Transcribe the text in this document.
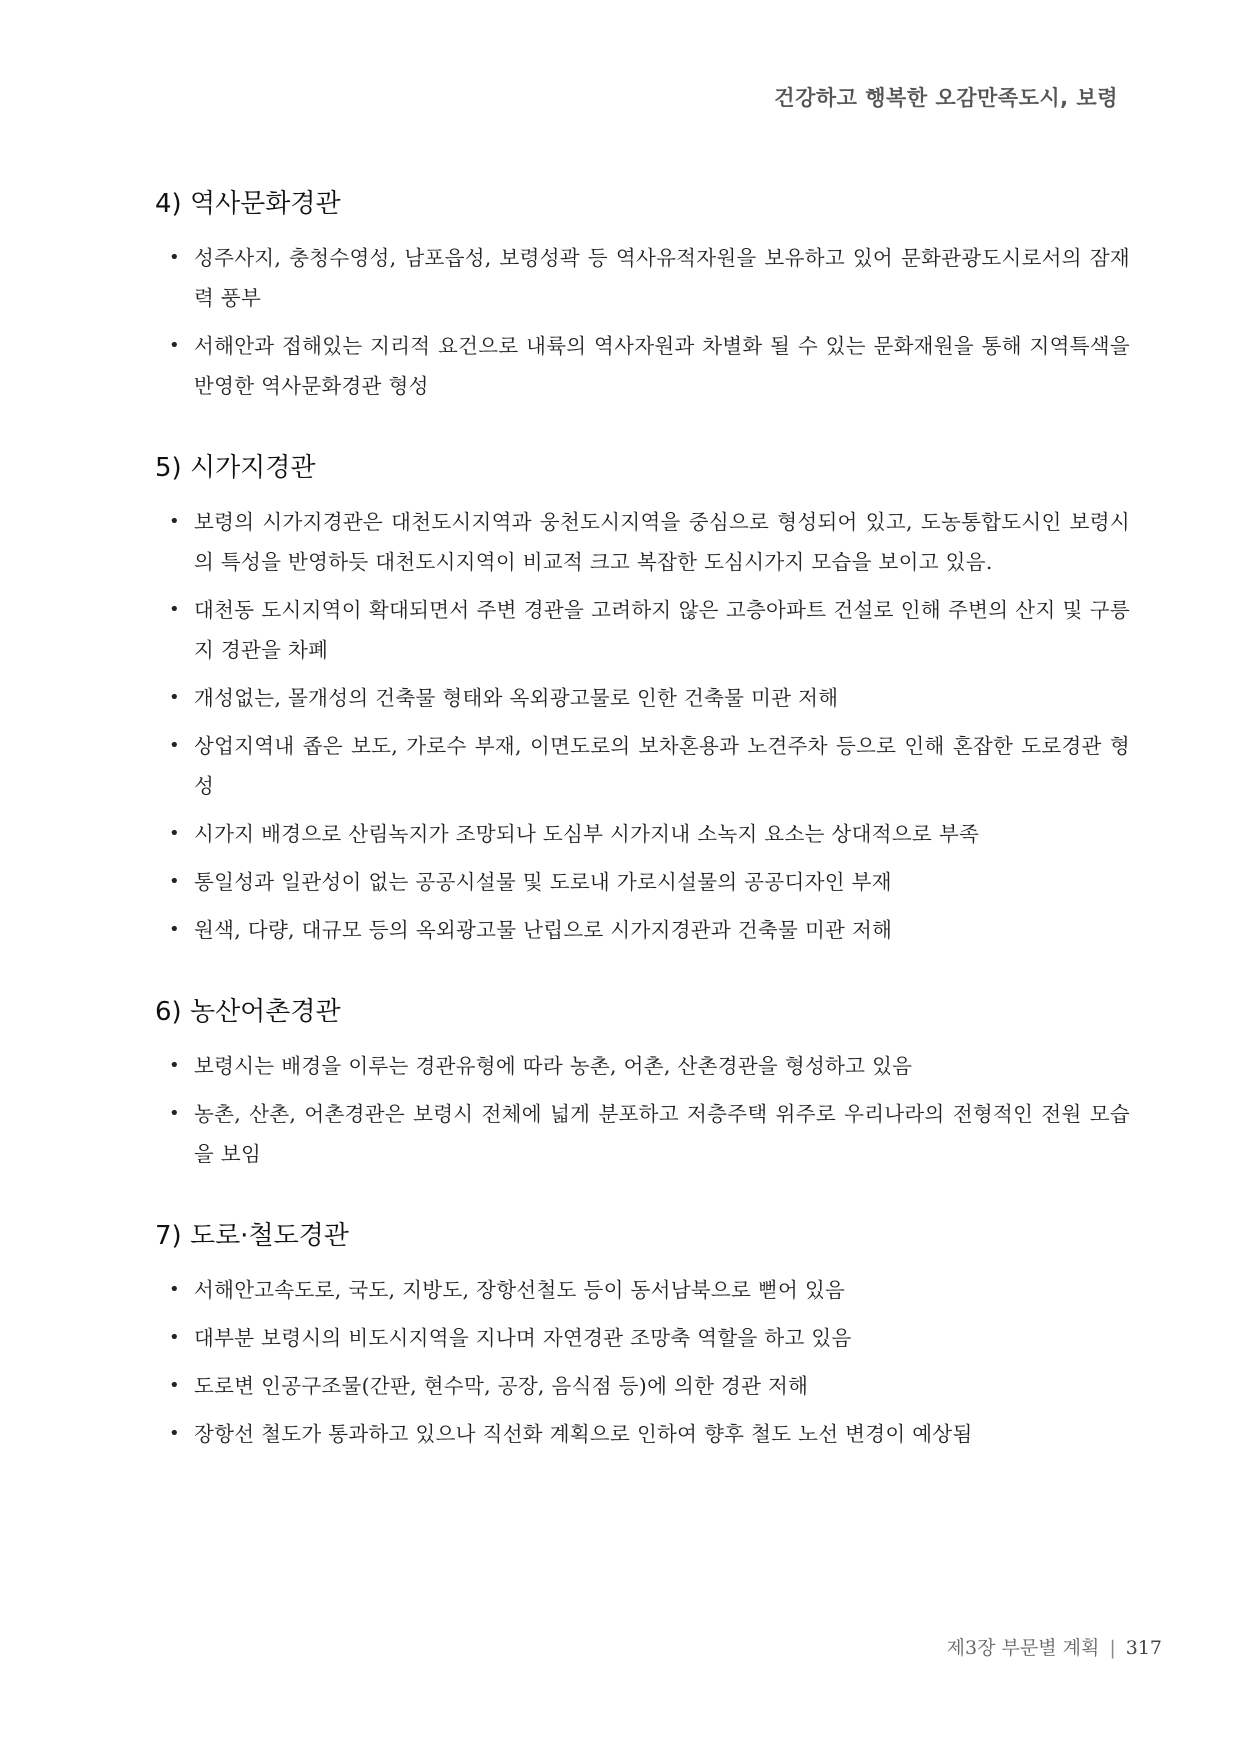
건강하고 행복한 오감만족도시, 보령
4) 역사문화경관
• 성주사지, 충청수영성, 남포읍성, 보령성곽 등 역사유적자원을 보유하고 있어 문화관광도시로서의 잠재력 풍부
• 서해안과 접해있는 지리적 요건으로 내륙의 역사자원과 차별화 될 수 있는 문화재원을 통해 지역특색을 반영한 역사문화경관 형성
5) 시가지경관
• 보령의 시가지경관은 대천도시지역과 웅천도시지역을 중심으로 형성되어 있고, 도농통합도시인 보령시의 특성을 반영하듯 대천도시지역이 비교적 크고 복잡한 도심시가지 모습을 보이고 있음.
• 대천동 도시지역이 확대되면서 주변 경관을 고려하지 않은 고층아파트 건설로 인해 주변의 산지 및 구릉지 경관을 차폐
• 개성없는, 몰개성의 건축물 형태와 옥외광고물로 인한 건축물 미관 저해
• 상업지역내 좁은 보도, 가로수 부재, 이면도로의 보차혼용과 노견주차 등으로 인해 혼잡한 도로경관 형성
• 시가지 배경으로 산림녹지가 조망되나 도심부 시가지내 소녹지 요소는 상대적으로 부족
• 통일성과 일관성이 없는 공공시설물 및 도로내 가로시설물의 공공디자인 부재
• 원색, 다량, 대규모 등의 옥외광고물 난립으로 시가지경관과 건축물 미관 저해
6) 농산어촌경관
• 보령시는 배경을 이루는 경관유형에 따라 농촌, 어촌, 산촌경관을 형성하고 있음
• 농촌, 산촌, 어촌경관은 보령시 전체에 넓게 분포하고 저층주택 위주로 우리나라의 전형적인 전원 모습을 보임
7) 도로·철도경관
• 서해안고속도로, 국도, 지방도, 장항선철도 등이 동서남북으로 뻗어 있음
• 대부분 보령시의 비도시지역을 지나며 자연경관 조망축 역할을 하고 있음
• 도로변 인공구조물(간판, 현수막, 공장, 음식점 등)에 의한 경관 저해
• 장항선 철도가 통과하고 있으나 직선화 계획으로 인하여 향후 철도 노선 변경이 예상됨
제3장 부문별 계획 | 317
